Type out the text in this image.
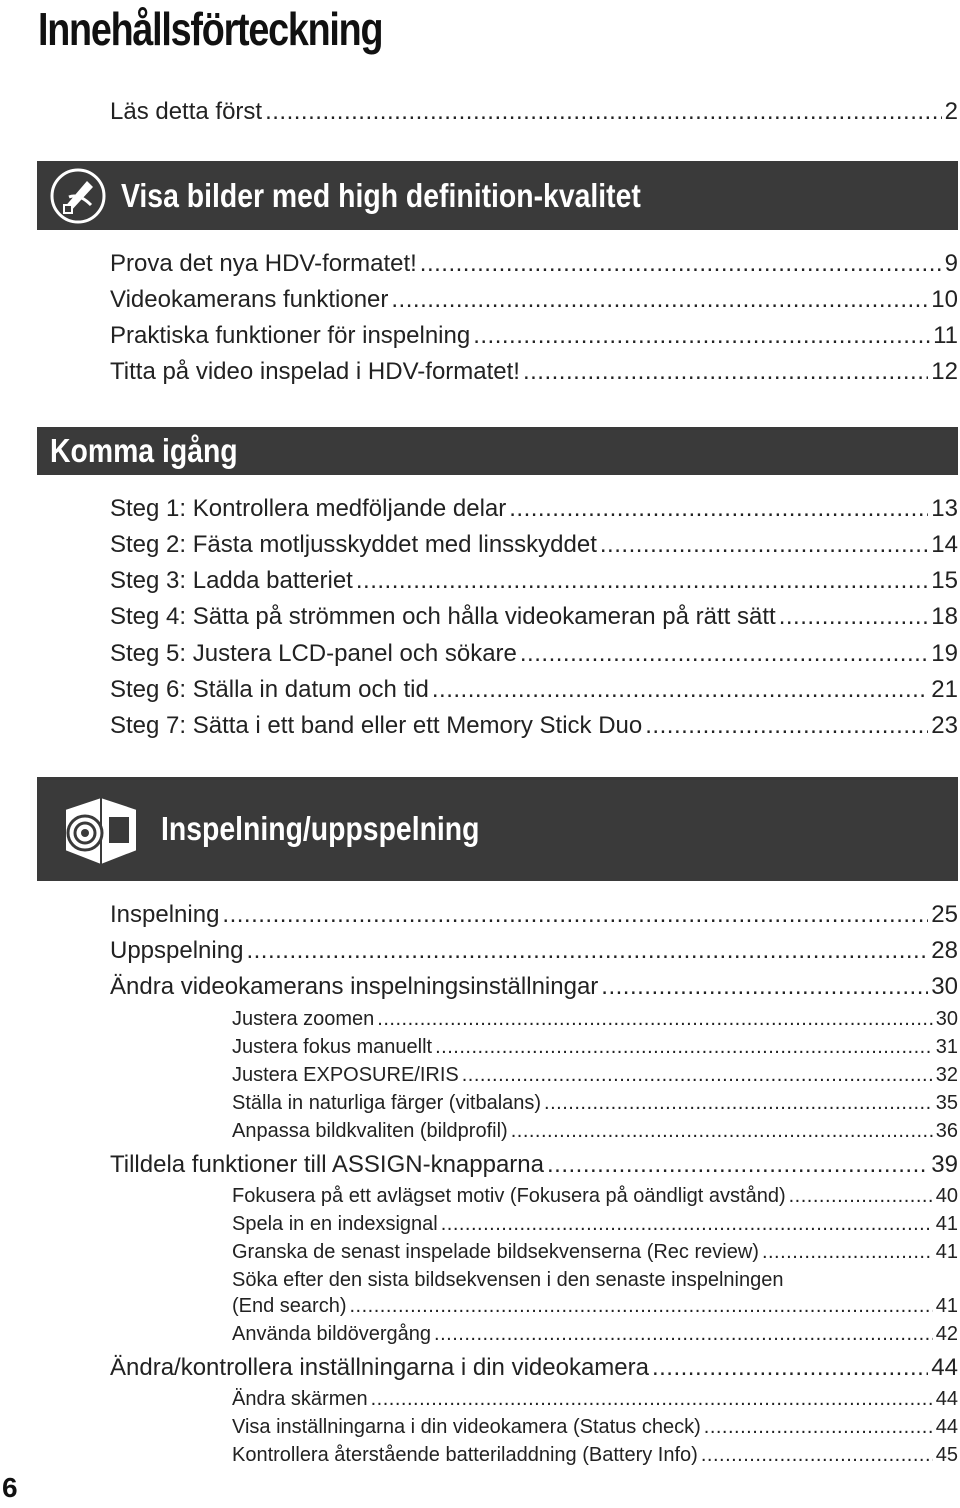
Innehållsförteckning
Läs detta först .....	2
Visa bilder med high definition-kvalitet
Prova det nya HDV-formatet! .....	9
Videokamerans funktioner .....	10
Praktiska funktioner för inspelning .....	11
Titta på video inspelad i HDV-formatet! .....	12
Komma igång
Steg 1: Kontrollera medföljande delar .....	13
Steg 2: Fästa motljusskyddet med linsskyddet .....	14
Steg 3: Ladda batteriet .....	15
Steg 4: Sätta på strömmen och hålla videokameran på rätt sätt .....	18
Steg 5: Justera LCD-panel och sökare .....	19
Steg 6: Ställa in datum och tid .....	21
Steg 7: Sätta i ett band eller ett Memory Stick Duo .....	23
Inspelning/uppspelning
Inspelning .....	25
Uppspelning .....	28
Ändra videokamerans inspelningsinställningar .....	30
Justera zoomen .....	30
Justera fokus manuellt .....	31
Justera EXPOSURE/IRIS .....	32
Ställa in naturliga färger (vitbalans) .....	35
Anpassa bildkvaliten (bildprofil) .....	36
Tilldela funktioner till ASSIGN-knapparna .....	39
Fokusera på ett avlägset motiv (Fokusera på oändligt avstånd) .....	40
Spela in en indexsignal .....	41
Granska de senast inspelade bildsekvenserna (Rec review) .....	41
Söka efter den sista bildsekvensen i den senaste inspelningen
(End search) .....	41
Använda bildövergång .....	42
Ändra/kontrollera inställningarna i din videokamera .....	44
Ändra skärmen .....	44
Visa inställningarna i din videokamera (Status check) .....	44
Kontrollera återstående batteriladdning (Battery Info) .....	45
6
